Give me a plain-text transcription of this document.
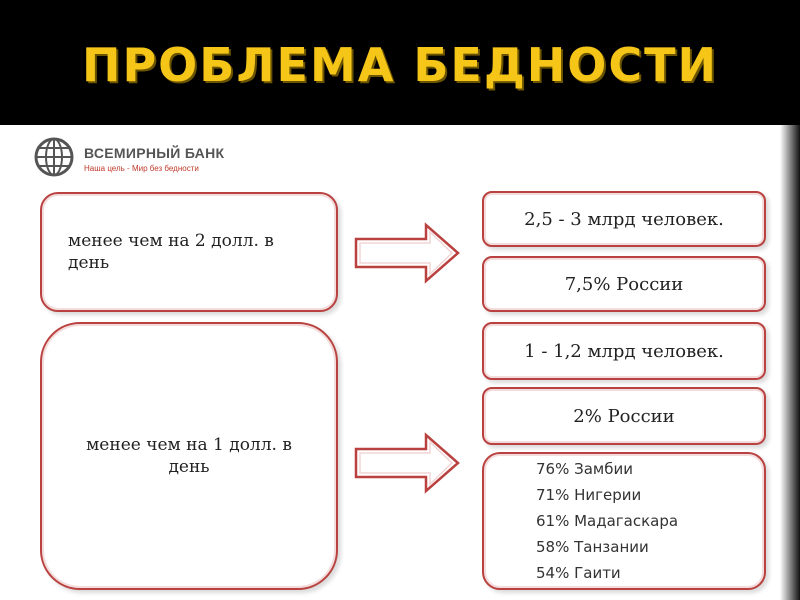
ПРОБЛЕМА БЕДНОСТИ
ВСЕМИРНЫЙ БАНК
Наша цель - Мир без бедности
менее чем на 2 долл. в день
менее чем на 1 долл. в день
2,5 - 3 млрд человек.
7,5% России
1 - 1,2 млрд человек.
2% России
76% Замбии
71% Нигерии
61% Мадагаскара
58% Танзании
54% Гаити
